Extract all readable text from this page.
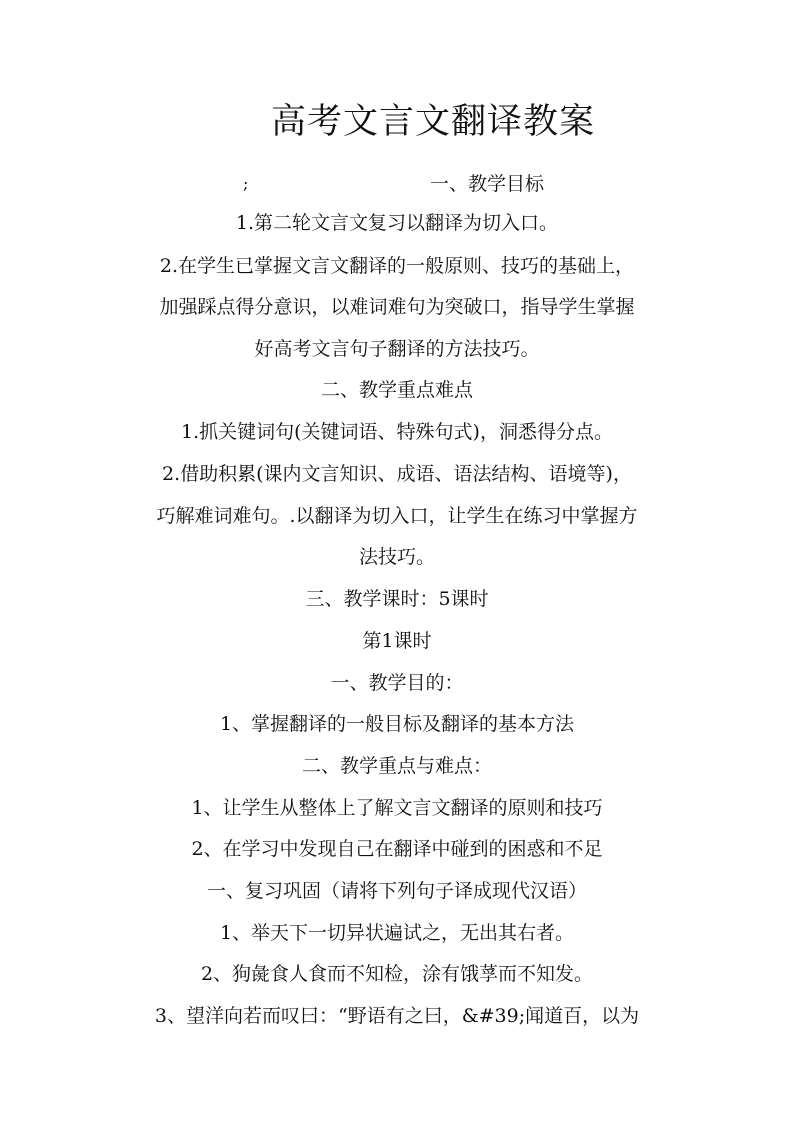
高考文言文翻译教案
;	一、教学目标
1.第二轮文言文复习以翻译为切入口。
2.在学生已掌握文言文翻译的一般原则、技巧的基础上，
加强踩点得分意识，以难词难句为突破口，指导学生掌握
好高考文言句子翻译的方法技巧。
二、教学重点难点
1.抓关键词句(关键词语、特殊句式)，洞悉得分点。
2.借助积累(课内文言知识、成语、语法结构、语境等)，
巧解难词难句。.以翻译为切入口，让学生在练习中掌握方
法技巧。
三、教学课时：5课时
第1课时
一、教学目的：
1、掌握翻译的一般目标及翻译的基本方法
二、教学重点与难点：
1、让学生从整体上了解文言文翻译的原则和技巧
2、在学习中发现自己在翻译中碰到的困惑和不足
一、复习巩固（请将下列句子译成现代汉语）
1、举天下一切异状遍试之，无出其右者。
2、狗彘食人食而不知检，涂有饿莩而不知发。
3、望洋向若而叹曰：“野语有之曰，&#39;闻道百，以为
